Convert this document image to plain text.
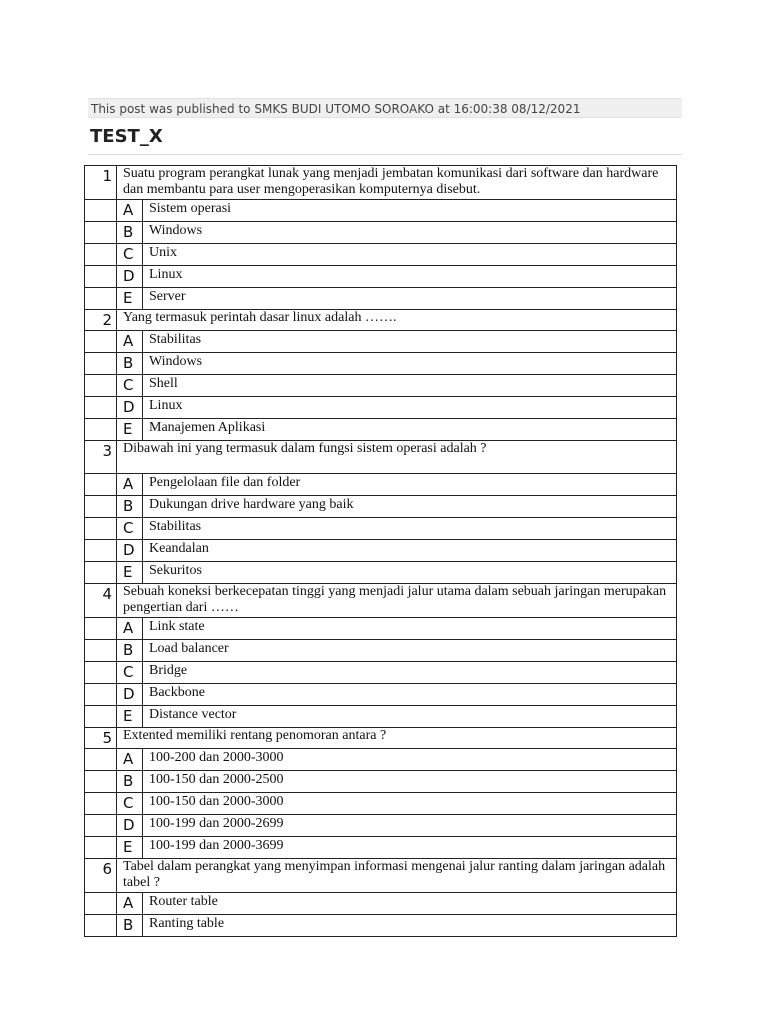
This post was published to SMKS BUDI UTOMO SOROAKO at 16:00:38 08/12/2021
TEST_X
1	Suatu program perangkat lunak yang menjadi jembatan komunikasi dari software dan hardware dan membantu para user mengoperasikan komputernya disebut.	
	A	Sistem operasi
	B	Windows
	C	Unix
	D	Linux
	E	Server
2	Yang termasuk perintah dasar linux adalah …….	
	A	Stabilitas
	B	Windows
	C	Shell
	D	Linux
	E	Manajemen Aplikasi
3	Dibawah ini yang termasuk dalam fungsi sistem operasi adalah ?	
	A	Pengelolaan file dan folder
	B	Dukungan drive hardware yang baik
	C	Stabilitas
	D	Keandalan
	E	Sekuritos
4	Sebuah koneksi berkecepatan tinggi yang menjadi jalur utama dalam sebuah jaringan merupakan pengertian dari ……	
	A	Link state
	B	Load balancer
	C	Bridge
	D	Backbone
	E	Distance vector
5	Extented memiliki rentang penomoran antara ?	
	A	100-200 dan 2000-3000
	B	100-150 dan 2000-2500
	C	100-150 dan 2000-3000
	D	100-199 dan 2000-2699
	E	100-199 dan 2000-3699
6	Tabel dalam perangkat yang menyimpan informasi mengenai jalur ranting dalam jaringan adalah tabel ?	
	A	Router table
	B	Ranting table
